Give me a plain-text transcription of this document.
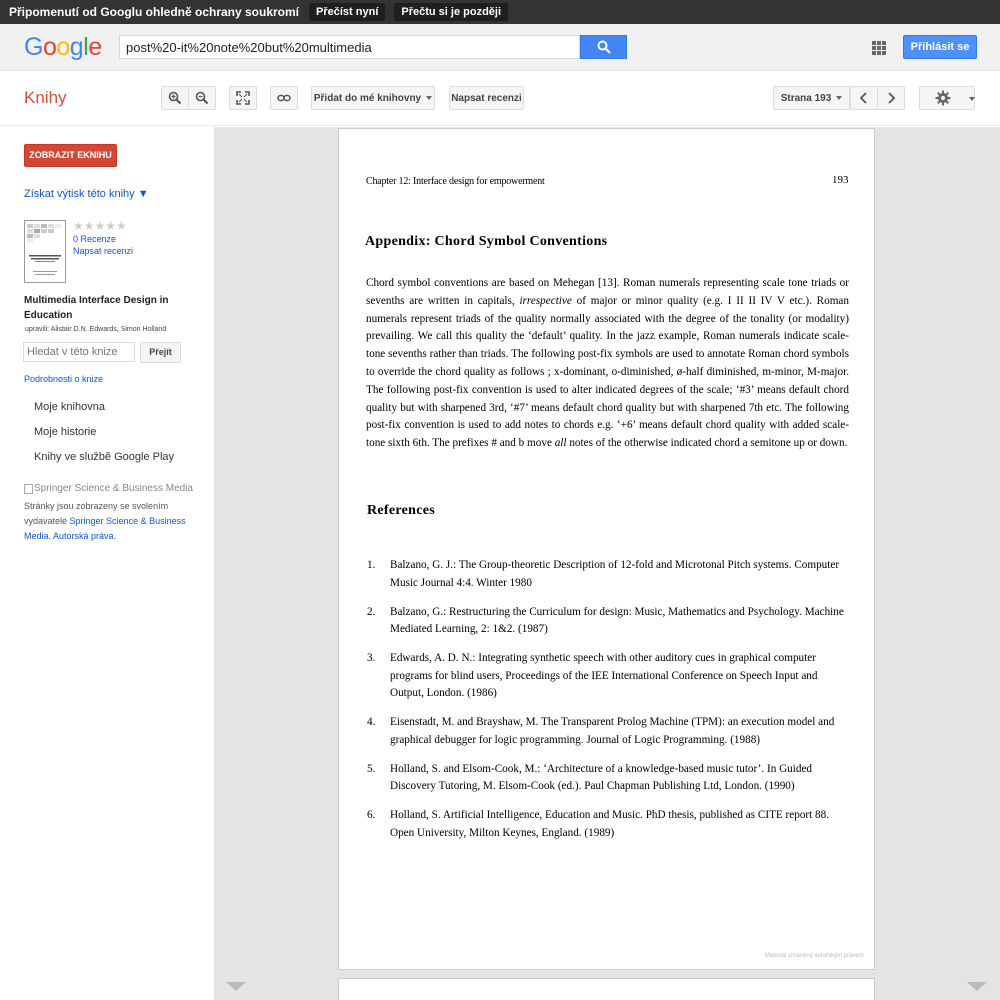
Připomenutí od Googlu ohledně ochrany soukromí	Přečíst nyní	Přečtu si je později
Google
post%20-it%20note%20but%20multimedia	Přihlásit se
Knihy	Přidat do mé knihovny	Napsat recenzi	Strana 193
ZOBRAZIT EKNIHU
Získat výtisk této knihy ▼
★★★★★
0 Recenze
Napsat recenzi
Multimedia Interface Design in Education
upravili: Alistair D.N. Edwards, Simon Holland
Hledat v této knize
Přejít
Podrobnosti o knize
Moje knihovna
Moje historie
Knihy ve službě Google Play
Springer Science & Business Media
Stránky jsou zobrazeny se svolením vydavatele Springer Science & Business Media. Autorská práva.
Chapter 12: Interface design for empowerment	193
Appendix: Chord Symbol Conventions
Chord symbol conventions are based on Mehegan [13]. Roman numerals representing scale tone triads or sevenths are written in capitals, irrespective of major or minor quality (e.g. I II II IV V etc.). Roman numerals represent triads of the quality normally associated with the degree of the tonality (or modality) prevailing. We call this quality the ‘default’ quality. In the jazz example, Roman numerals indicate scale-tone sevenths rather than triads. The following post-fix symbols are used to annotate Roman chord symbols to override the chord quality as follows ; x-dominant, o-diminished, ø-half diminished, m-minor, M-major. The following post-fix convention is used to alter indicated degrees of the scale; ‘#3’ means default chord quality but with sharpened 3rd, ‘#7’ means default chord quality but with sharpened 7th etc. The following post-fix convention is used to add notes to chords e.g. ‘+6’ means default chord quality with added scale-tone sixth 6th. The prefixes # and b move all notes of the otherwise indicated chord a semitone up or down.
References
1. Balzano, G. J.: The Group-theoretic Description of 12-fold and Microtonal Pitch systems. Computer Music Journal 4:4. Winter 1980
2. Balzano, G.: Restructuring the Curriculum for design: Music, Mathematics and Psychology. Machine Mediated Learning, 2: 1&2. (1987)
3. Edwards, A. D. N.: Integrating synthetic speech with other auditory cues in graphical computer programs for blind users, Proceedings of the IEE International Conference on Speech Input and Output, London. (1986)
4. Eisenstadt, M. and Brayshaw, M. The Transparent Prolog Machine (TPM): an execution model and graphical debugger for logic programming. Journal of Logic Programming. (1988)
5. Holland, S. and Elsom-Cook, M.: ‘Architecture of a knowledge-based music tutor’. In Guided Discovery Tutoring, M. Elsom-Cook (ed.). Paul Chapman Publishing Ltd, London. (1990)
6. Holland, S. Artificial Intelligence, Education and Music. PhD thesis, published as CITE report 88. Open University, Milton Keynes, England. (1989)
Materiál chráněný autorským právem
